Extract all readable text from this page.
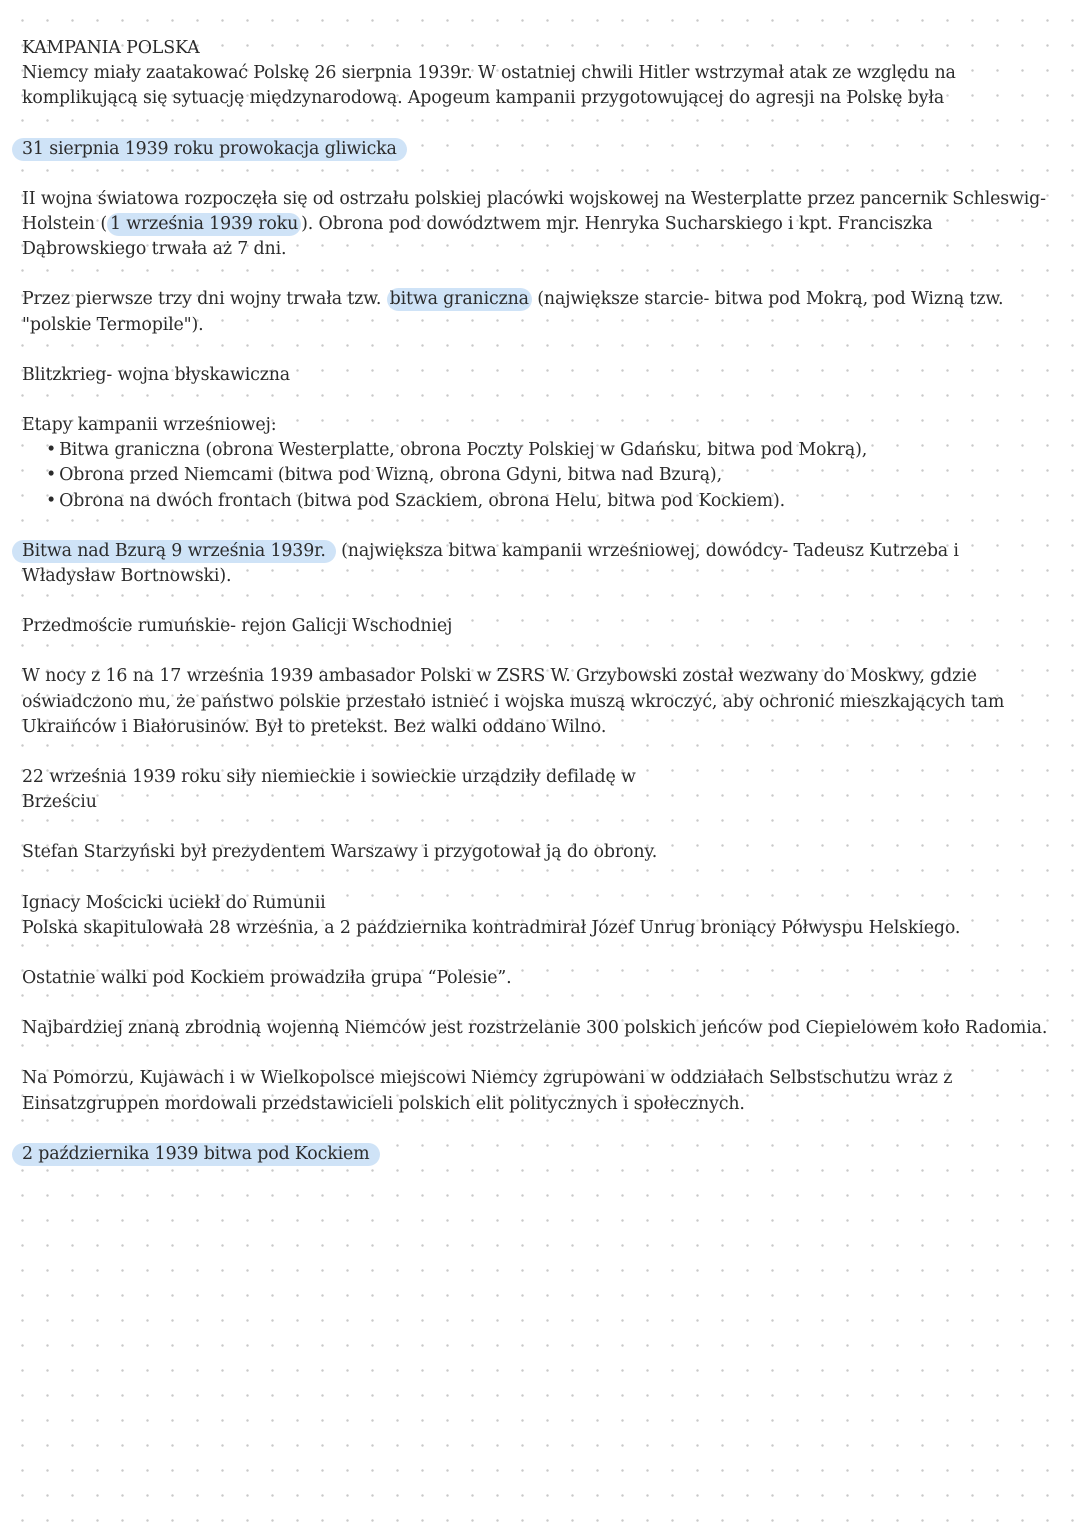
KAMPANIA POLSKA

Niemcy miały zaatakować Polskę 26 sierpnia 1939r. W ostatniej chwili Hitler wstrzymał atak ze względu na komplikującą się sytuację międzynarodową. Apogeum kampanii przygotowującej do agresji na Polskę była

31 sierpnia 1939 roku prowokacja gliwicka

II wojna światowa rozpoczęła się od ostrzału polskiej placówki wojskowej na Westerplatte przez pancernik Schleswig- Holstein ( 1 września 1939 roku ). Obrona pod dowództwem mjr. Henryka Sucharskiego i kpt. Franciszka Dąbrowskiego trwała aż 7 dni.

Przez pierwsze trzy dni wojny trwała tzw. bitwa graniczna (największe starcie- bitwa pod Mokrą, pod Wizną tzw. "polskie Termopile").

Blitzkrieg- wojna błyskawiczna

Etapy kampanii wrześniowej:

• Bitwa graniczna (obrona Westerplatte, obrona Poczty Polskiej w Gdańsku, bitwa pod Mokrą),
• Obrona przed Niemcami (bitwa pod Wizną, obrona Gdyni, bitwa nad Bzurą),
• Obrona na dwóch frontach (bitwa pod Szackiem, obrona Helu, bitwa pod Kockiem).

Bitwa nad Bzurą 9 września 1939r. (największa bitwa kampanii wrześniowej, dowódcy- Tadeusz Kutrzeba i Władysław Bortnowski).

Przedmoście rumuńskie- rejon Galicji Wschodniej

W nocy z 16 na 17 września 1939 ambasador Polski w ZSRS W. Grzybowski został wezwany do Moskwy, gdzie oświadczono mu, że państwo polskie przestało istnieć i wojska muszą wkroczyć, aby ochronić mieszkających tam Ukraińców i Białorusinów. Był to pretekst. Bez walki oddano Wilno.

22 września 1939 roku siły niemieckie i sowieckie urządziły defiladę w
Brześciu

Stefan Starzyński był prezydentem Warszawy i przygotował ją do obrony.

Ignacy Mościcki uciekł do Rumunii

Polska skapitulowała 28 września, a 2 października kontradmirał Józef Unrug broniący Półwyspu Helskiego.

Ostatnie walki pod Kockiem prowadziła grupa “Polesie”.

Najbardziej znaną zbrodnią wojenną Niemców jest rozstrzelanie 300 polskich jeńców pod Ciepielowem koło Radomia.

Na Pomorzu, Kujawach i w Wielkopolsce miejscowi Niemcy zgrupowani w oddziałach Selbstschutzu wraz z Einsatzgruppen mordowali przedstawicieli polskich elit politycznych i społecznych.

2 października 1939 bitwa pod Kockiem
